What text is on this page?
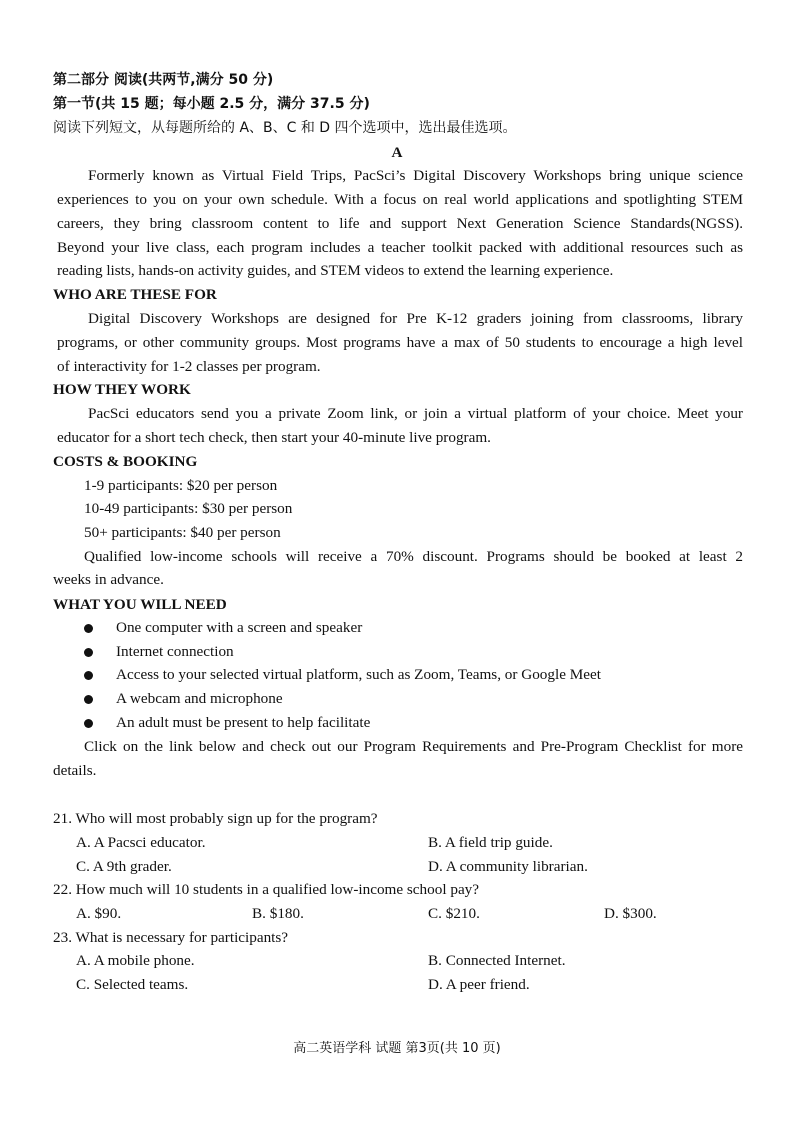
第二部分 阅读(共两节,满分 50 分)
第一节(共 15 题；每小题 2.5 分，满分 37.5 分)
阅读下列短文，从每题所给的 A、B、C 和 D 四个选项中，选出最佳选项。
A
Formerly known as Virtual Field Trips, PacSci’s Digital Discovery Workshops bring unique science
experiences to you on your own schedule. With a focus on real world applications and spotlighting STEM
careers, they bring classroom content to life and support Next Generation Science Standards(NGSS).
Beyond your live class, each program includes a teacher toolkit packed with additional resources such as
reading lists, hands-on activity guides, and STEM videos to extend the learning experience.
WHO ARE THESE FOR
Digital Discovery Workshops are designed for Pre K-12 graders joining from classrooms, library
programs, or other community groups. Most programs have a max of 50 students to encourage a high level
of interactivity for 1-2 classes per program.
HOW THEY WORK
PacSci educators send you a private Zoom link, or join a virtual platform of your choice. Meet your
educator for a short tech check, then start your 40-minute live program.
COSTS & BOOKING
1-9 participants: $20 per person
10-49 participants: $30 per person
50+ participants: $40 per person
Qualified low-income schools will receive a 70% discount. Programs should be booked at least 2
weeks in advance.
WHAT YOU WILL NEED
One computer with a screen and speaker
Internet connection
Access to your selected virtual platform, such as Zoom, Teams, or Google Meet
A webcam and microphone
An adult must be present to help facilitate
Click on the link below and check out our Program Requirements and Pre-Program Checklist for more
details.
21. Who will most probably sign up for the program?
A. A Pacsci educator.	B. A field trip guide.
C. A 9th grader.	D. A community librarian.
22. How much will 10 students in a qualified low-income school pay?
A. $90.	B. $180.	C. $210.	D. $300.
23. What is necessary for participants?
A. A mobile phone.	B. Connected Internet.
C. Selected teams.	D. A peer friend.
高二英语学科 试题 第3页(共 10 页)
